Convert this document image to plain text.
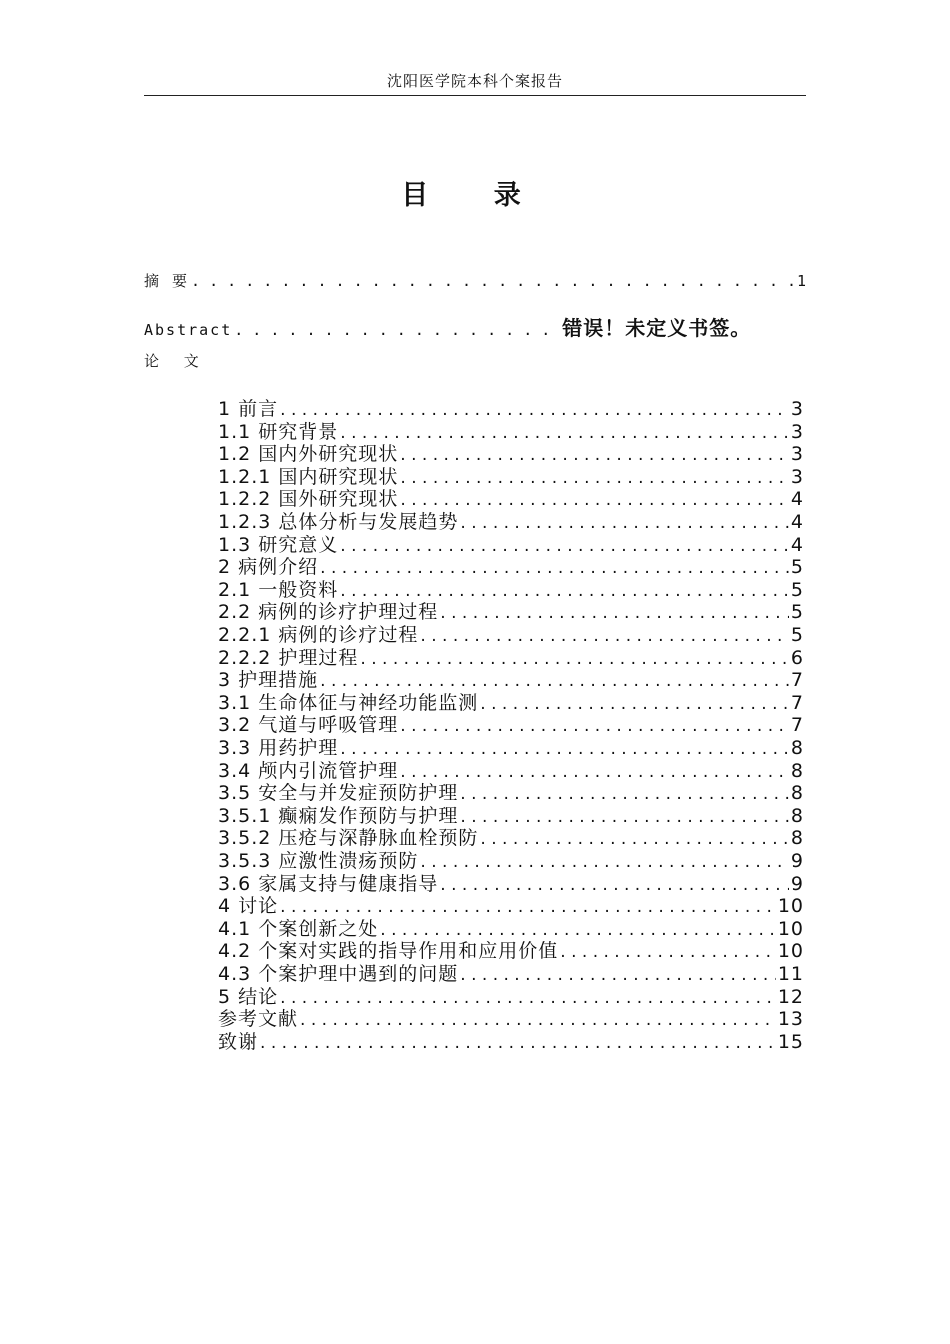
沈阳医学院本科个案报告
目 录
摘 要 . . .	1
Abstract . . .	错误！未定义书签。
论 文
1 前言 . . .	3
1.1 研究背景 . . .	3
1.2 国内外研究现状 . . .	3
1.2.1 国内研究现状 . . .	3
1.2.2 国外研究现状 . . .	4
1.2.3 总体分析与发展趋势 . . .	4
1.3 研究意义 . . .	4
2 病例介绍 . . .	5
2.1 一般资料 . . .	5
2.2 病例的诊疗护理过程 . . .	5
2.2.1 病例的诊疗过程 . . .	5
2.2.2 护理过程 . . .	6
3 护理措施 . . .	7
3.1 生命体征与神经功能监测 . . .	7
3.2 气道与呼吸管理 . . .	7
3.3 用药护理 . . .	8
3.4 颅内引流管护理 . . .	8
3.5 安全与并发症预防护理 . . .	8
3.5.1 癫痫发作预防与护理 . . .	8
3.5.2 压疮与深静脉血栓预防 . . .	8
3.5.3 应激性溃疡预防 . . .	9
3.6 家属支持与健康指导 . . .	9
4 讨论 . . .	10
4.1 个案创新之处 . . .	10
4.2 个案对实践的指导作用和应用价值 . . .	10
4.3 个案护理中遇到的问题 . . .	11
5 结论 . . .	12
参考文献 . . .	13
致谢 . . .	15
